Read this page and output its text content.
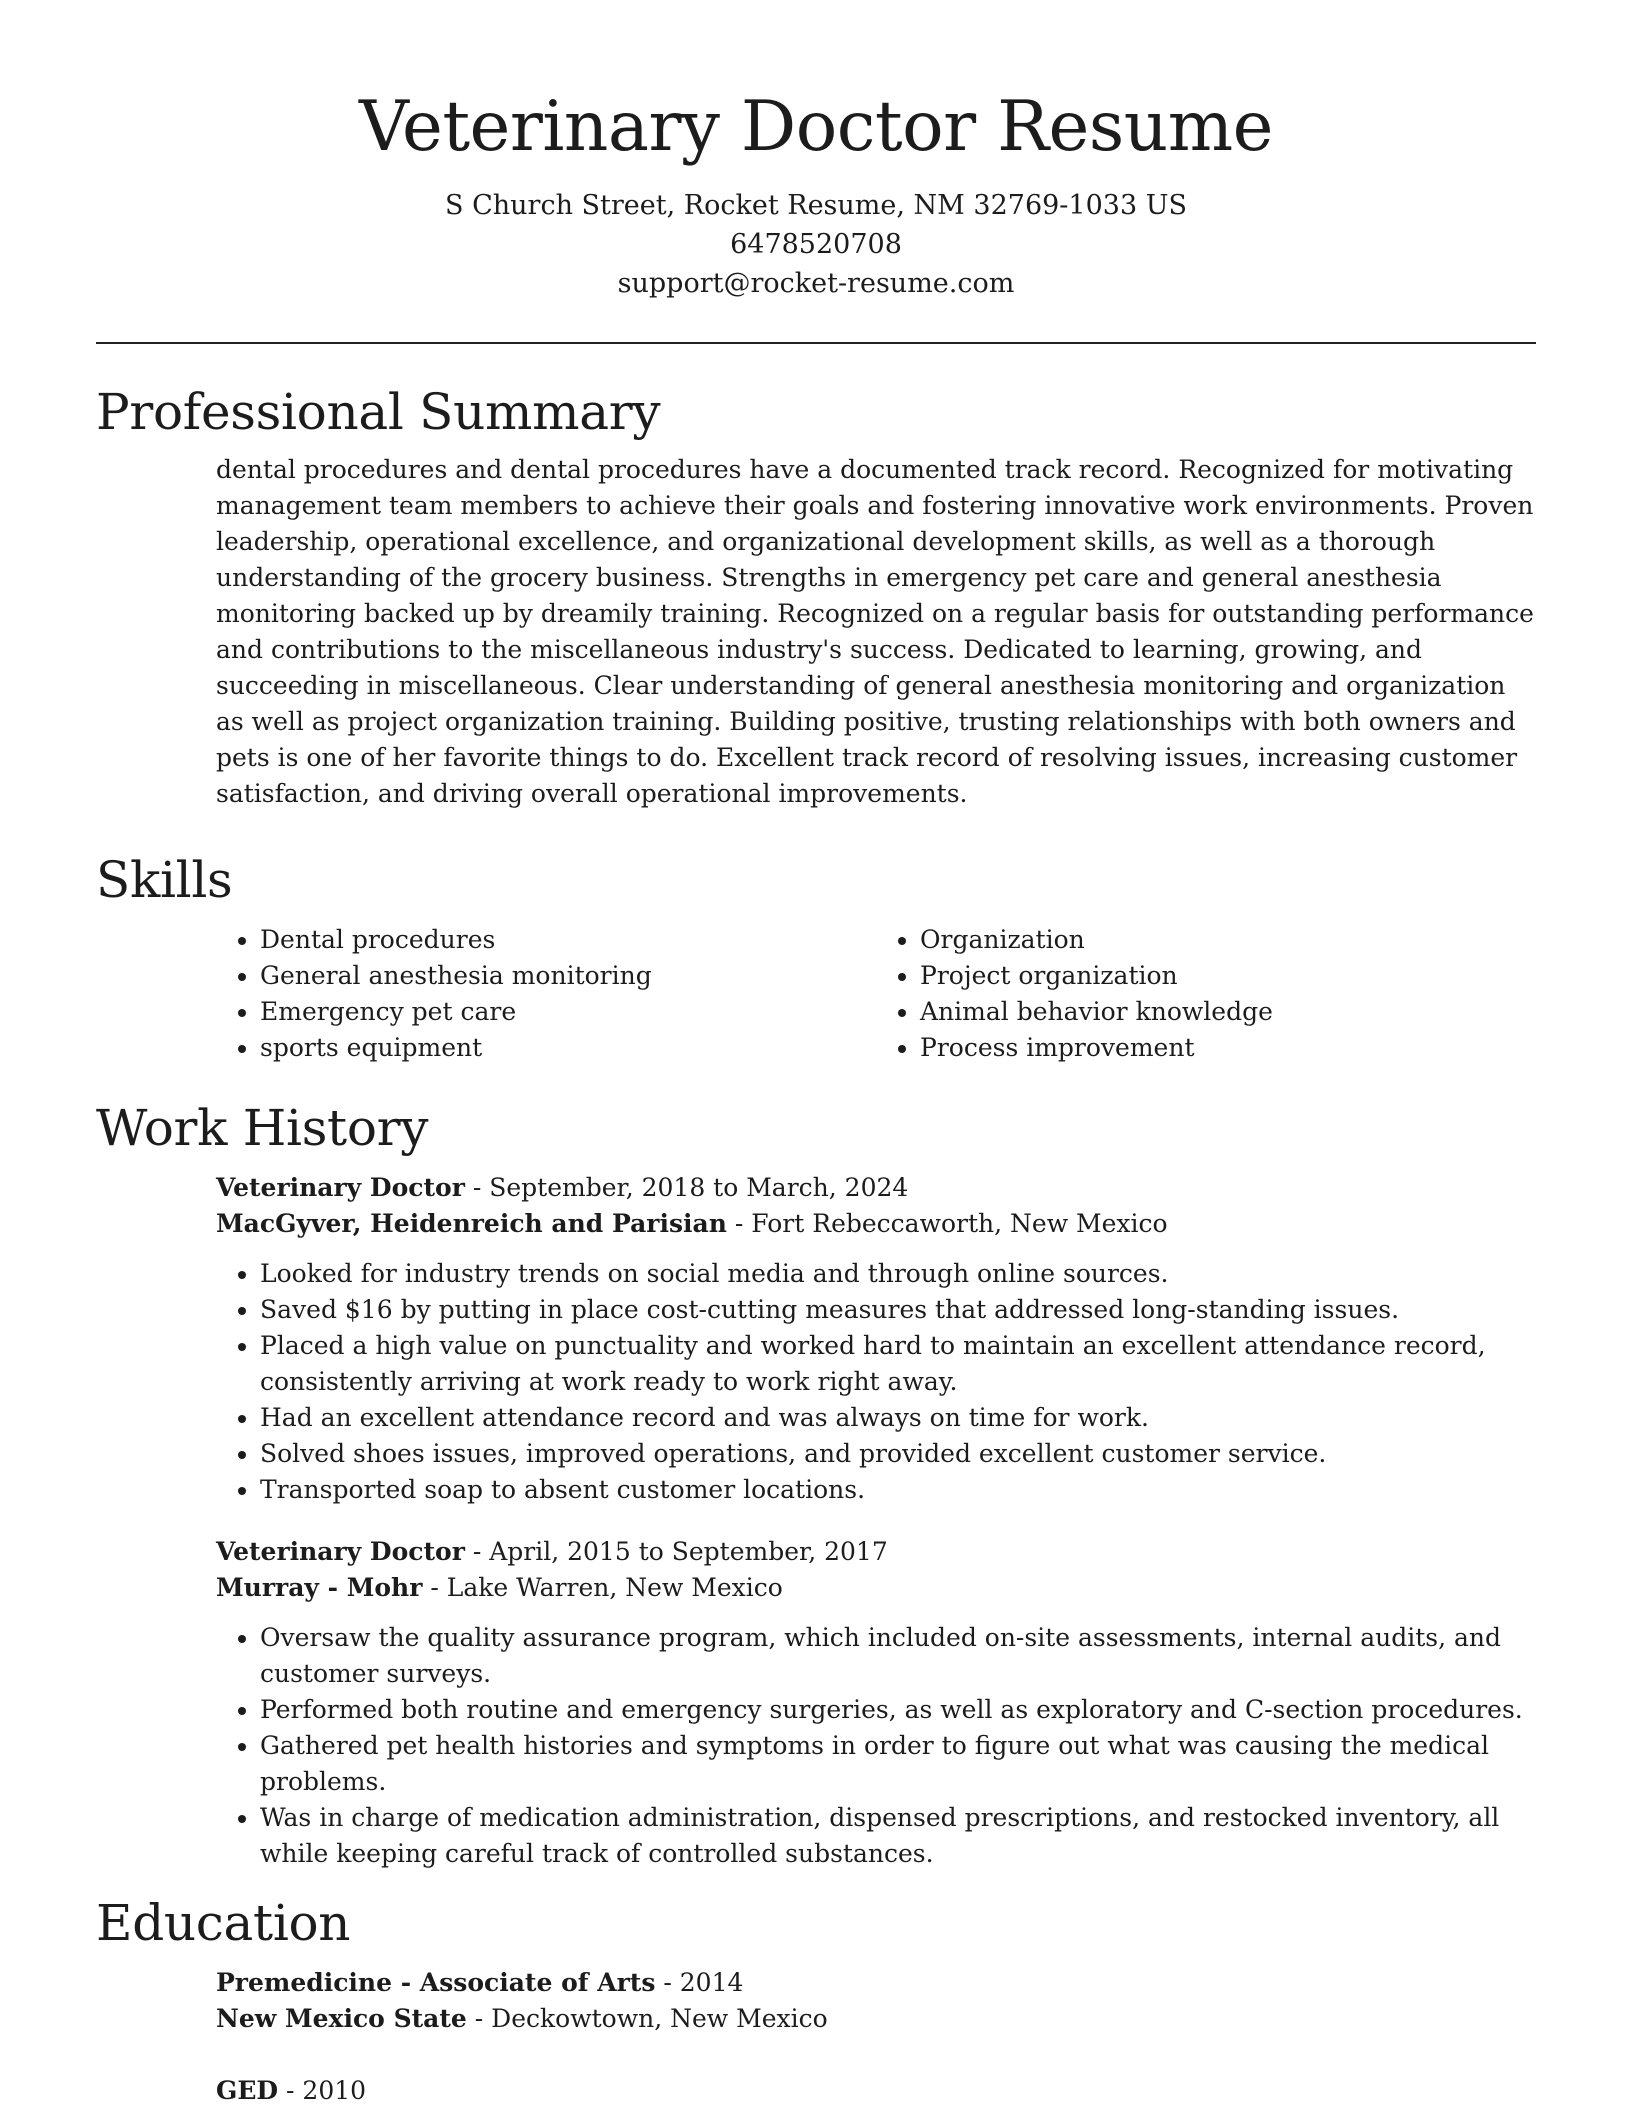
Veterinary Doctor Resume
S Church Street, Rocket Resume, NM 32769-1033 US
6478520708
support@rocket-resume.com
Professional Summary

dental procedures and dental procedures have a documented track record. Recognized for motivating management team members to achieve their goals and fostering innovative work environments. Proven leadership, operational excellence, and organizational development skills, as well as a thorough understanding of the grocery business. Strengths in emergency pet care and general anesthesia monitoring backed up by dreamily training. Recognized on a regular basis for outstanding performance and contributions to the miscellaneous industry's success. Dedicated to learning, growing, and succeeding in miscellaneous. Clear understanding of general anesthesia monitoring and organization as well as project organization training. Building positive, trusting relationships with both owners and pets is one of her favorite things to do. Excellent track record of resolving issues, increasing customer satisfaction, and driving overall operational improvements.

Skills
• Dental procedures
• General anesthesia monitoring
• Emergency pet care
• sports equipment
• Organization
• Project organization
• Animal behavior knowledge
• Process improvement
Work History
Veterinary Doctor - September, 2018 to March, 2024
MacGyver, Heidenreich and Parisian - Fort Rebeccaworth, New Mexico
• Looked for industry trends on social media and through online sources.
• Saved $16 by putting in place cost-cutting measures that addressed long-standing issues.
• Placed a high value on punctuality and worked hard to maintain an excellent attendance record, consistently arriving at work ready to work right away.
• Had an excellent attendance record and was always on time for work.
• Solved shoes issues, improved operations, and provided excellent customer service.
• Transported soap to absent customer locations.
Veterinary Doctor - April, 2015 to September, 2017
Murray - Mohr - Lake Warren, New Mexico
• Oversaw the quality assurance program, which included on-site assessments, internal audits, and customer surveys.
• Performed both routine and emergency surgeries, as well as exploratory and C-section procedures.
• Gathered pet health histories and symptoms in order to figure out what was causing the medical problems.
• Was in charge of medication administration, dispensed prescriptions, and restocked inventory, all while keeping careful track of controlled substances.
Education
Premedicine - Associate of Arts - 2014
New Mexico State - Deckowtown, New Mexico
GED - 2010
